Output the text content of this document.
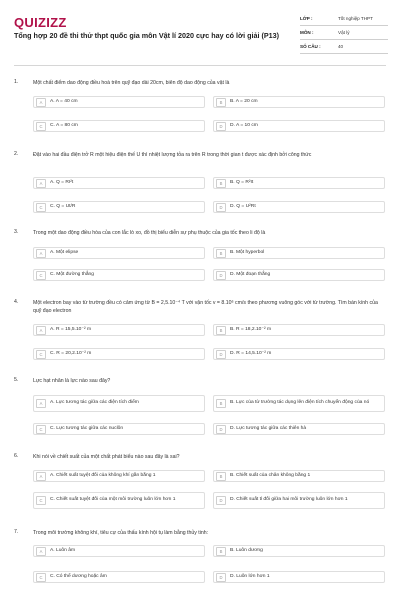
QUIZIZZ
Tổng hợp 20 đề thi thử thpt quốc gia môn Vật lí 2020 cực hay có lời giải (P13)
LỚP :	Tốt nghiệp THPT
MÔN :	Vật lý
SỐ CÂU :	40
1.	Một chất điểm dao động điều hoà trên quỹ đạo dài 20cm, biên độ dao động của vật là
A	A. A = 40 cm	B	B. A = 20 cm
C	C. A = 80 cm	D	D. A = 10 cm
2.	Đặt vào hai đầu điện trở R một hiệu điện thế U thì nhiệt lượng tỏa ra trên R trong thời gian t được xác định bởi công thức
A	A. Q = RI²t	B	B. Q = R²It
C	C. Q = Ut/R	D	D. Q = U²Rt
3.	Trong một dao động điều hòa của con lắc lò xo, đồ thị biểu diễn sự phụ thuộc của gia tốc theo li độ là
A	A. Một elipse	B	B. Một hyperbol
C	C. Một đường thẳng	D	D. Một đoạn thẳng
4.	Một electron bay vào từ trường đều có cảm ứng từ B = 2,5.10⁻⁴ T với vận tốc v = 8.10⁶ cm/s theo phương vuông góc với từ trường. Tìm bán kính của quỹ đạo electron
A	A. R = 15,5.10⁻² m	B	B. R = 18,2.10⁻² m
C	C. R = 20,2.10⁻² m	D	D. R = 14,5.10⁻² m
5.	Lực hạt nhân là lực nào sau đây?
A	A. Lực tương tác giữa các điện tích điểm	B	B. Lực của từ trường tác dụng lên điện tích chuyển động của nó
C	C. Lực tương tác giữa các nuclôn	D	D. Lực tương tác giữa các thiên hà
6.	Khi nói về chiết suất của một chất phát biểu nào sau đây là sai?
A	A. Chiết suất tuyệt đối của không khí gần bằng 1	B	B. Chiết suất của chân không bằng 1
C	C. Chiết suất tuyệt đối của một môi trường luôn lớn hơn 1	D	D. Chiết suất tỉ đối giữa hai môi trường luôn lớn hơn 1
7.	Trong môi trường không khí, tiêu cự của thấu kính hội tụ làm bằng thủy tinh:
A	A. Luôn âm	B	B. Luôn dương
C	C. Có thể dương hoặc âm	D	D. Luôn lớn hơn 1
